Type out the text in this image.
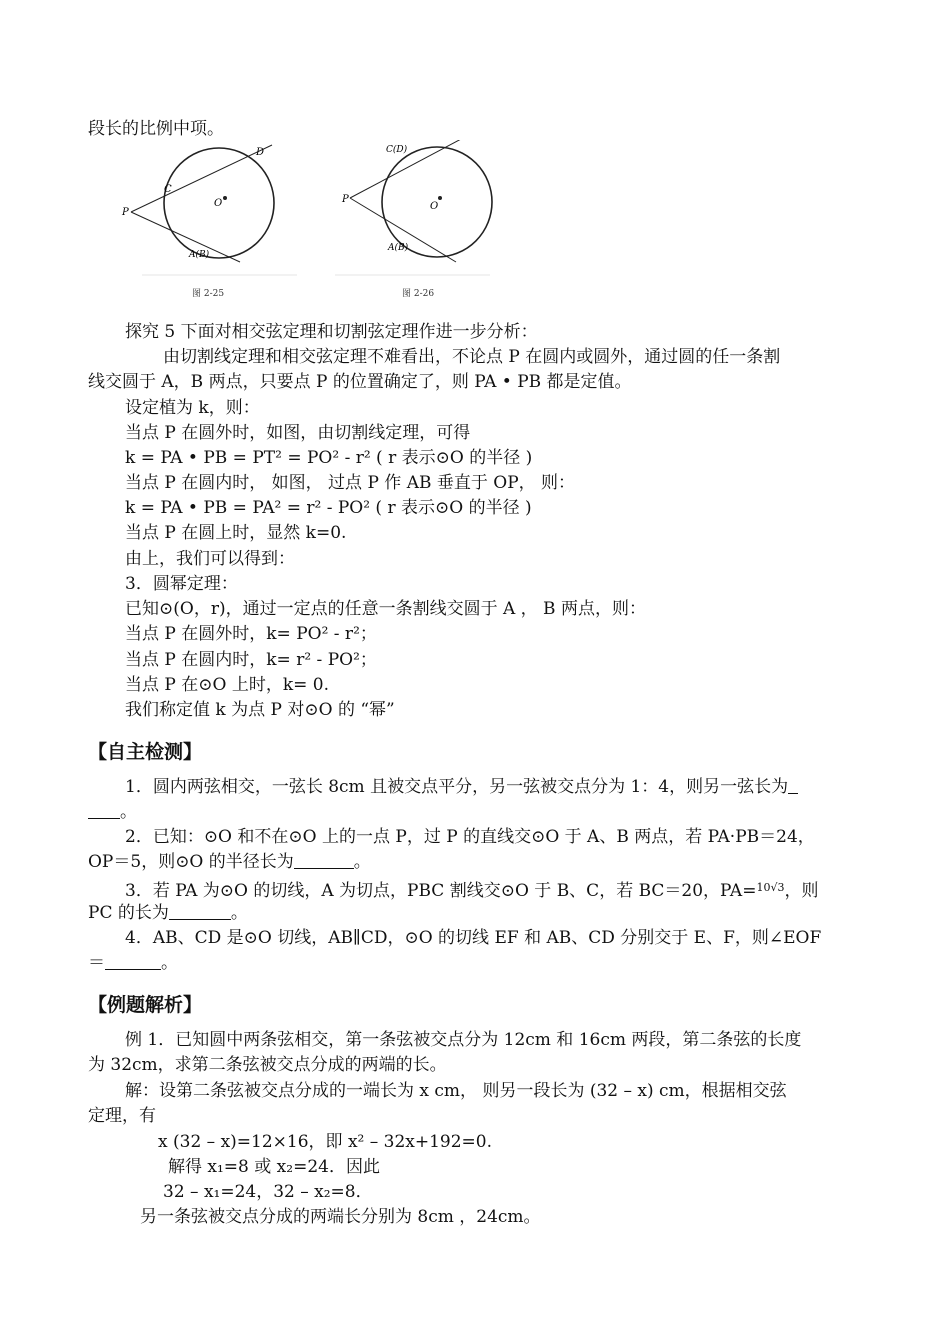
段长的比例中项。
D
C
P
O
A(B)
图 2-25
C(D)
P
O
A(B)
图 2-26
探究 5 下面对相交弦定理和切割弦定理作进一步分析：
由切割线定理和相交弦定理不难看出，不论点 P 在圆内或圆外，通过圆的任一条割
线交圆于 A，B 两点，只要点 P 的位置确定了，则 PA • PB 都是定值。
设定植为 k，则：
当点 P 在圆外时，如图，由切割线定理，可得
k = PA • PB = PT² = PO² - r² ( r 表示⊙O 的半径 )
当点 P 在圆内时， 如图， 过点 P 作 AB 垂直于 OP， 则：
k = PA • PB = PA² = r² - PO² ( r 表示⊙O 的半径 )
当点 P 在圆上时，显然 k=0.
由上，我们可以得到：
3．圆幂定理：
已知⊙(O，r)，通过一定点的任意一条割线交圆于 A ， B 两点，则：
当点 P 在圆外时，k= PO² - r²；
当点 P 在圆内时，k= r² - PO²；
当点 P 在⊙O 上时，k= 0.
我们称定值 k 为点 P 对⊙O 的 “幂”
【自主检测】
1．圆内两弦相交，一弦长 8cm 且被交点平分，另一弦被交点分为 1：4，则另一弦长为
。
2．已知：⊙O 和不在⊙O 上的一点 P，过 P 的直线交⊙O 于 A、B 两点，若 PA·PB＝24，
OP＝5，则⊙O 的半径长为	。
3．若 PA 为⊙O 的切线，A 为切点，PBC 割线交⊙O 于 B、C，若 BC＝20，PA=$^{10√3}$，则
PC 的长为	。
4．AB、CD 是⊙O 切线，AB∥CD，⊙O 的切线 EF 和 AB、CD 分别交于 E、F，则∠EOF
＝	。
【例题解析】
例 1．已知圆中两条弦相交，第一条弦被交点分为 12cm 和 16cm 两段，第二条弦的长度
为 32cm，求第二条弦被交点分成的两端的长。
解：设第二条弦被交点分成的一端长为 x cm， 则另一段长为 (32 – x) cm，根据相交弦
定理，有
x (32 – x)=12×16，即 x² – 32x+192=0.
解得 x₁=8 或 x₂=24．因此
32 – x₁=24，32 – x₂=8．
另一条弦被交点分成的两端长分别为 8cm ，24cm。
